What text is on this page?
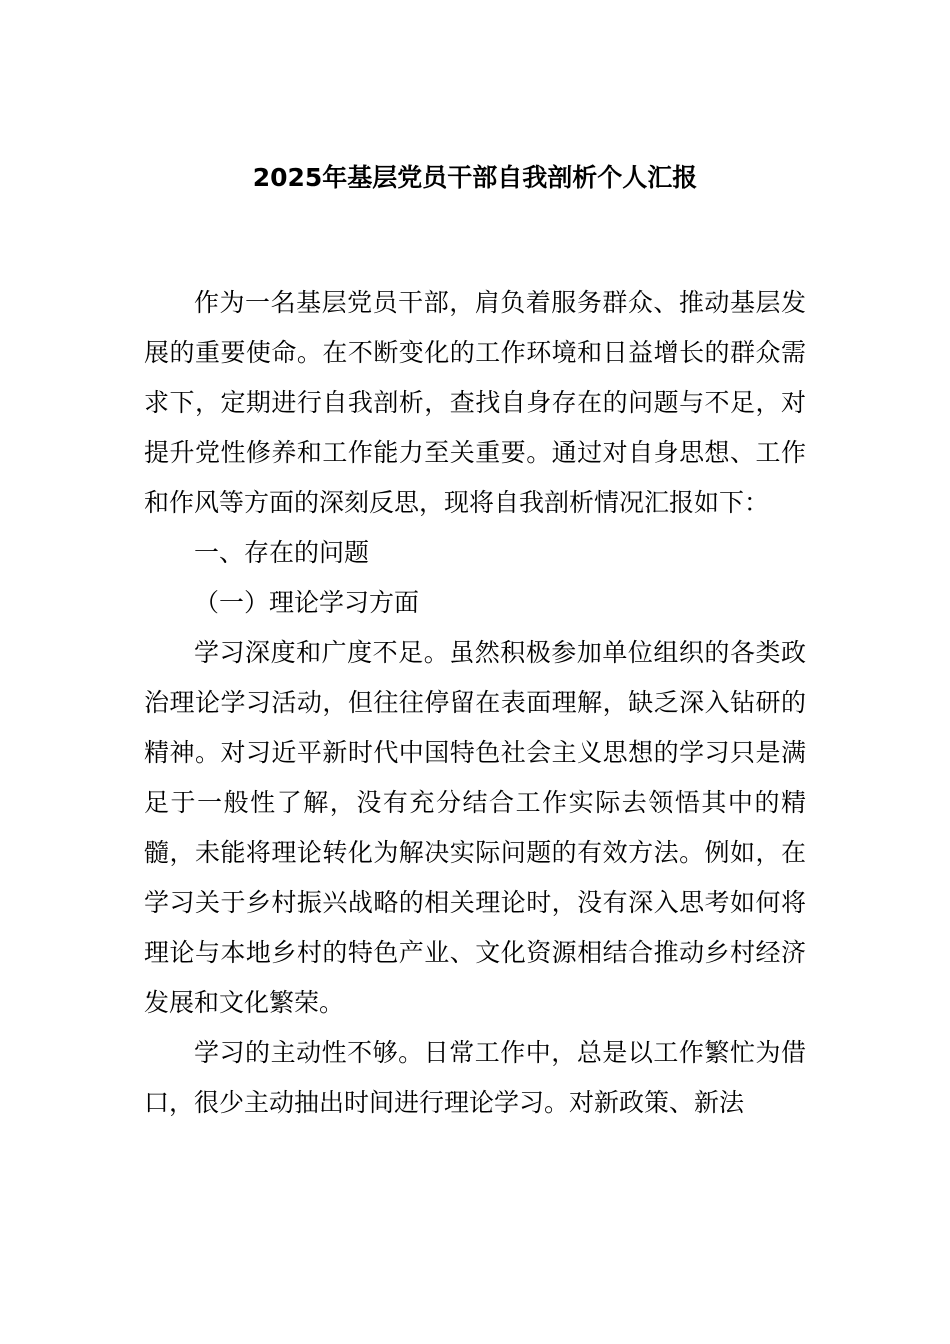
2025年基层党员干部自我剖析个人汇报

作为一名基层党员干部，肩负着服务群众、推动基层发展的重要使命。在不断变化的工作环境和日益增长的群众需求下，定期进行自我剖析，查找自身存在的问题与不足，对提升党性修养和工作能力至关重要。通过对自身思想、工作和作风等方面的深刻反思，现将自我剖析情况汇报如下：

一、存在的问题

（一）理论学习方面

学习深度和广度不足。虽然积极参加单位组织的各类政治理论学习活动，但往往停留在表面理解，缺乏深入钻研的精神。对习近平新时代中国特色社会主义思想的学习只是满足于一般性了解，没有充分结合工作实际去领悟其中的精髓，未能将理论转化为解决实际问题的有效方法。例如，在学习关于乡村振兴战略的相关理论时，没有深入思考如何将理论与本地乡村的特色产业、文化资源相结合推动乡村经济发展和文化繁荣。

学习的主动性不够。日常工作中，总是以工作繁忙为借口，很少主动抽出时间进行理论学习。对新政策、新法
